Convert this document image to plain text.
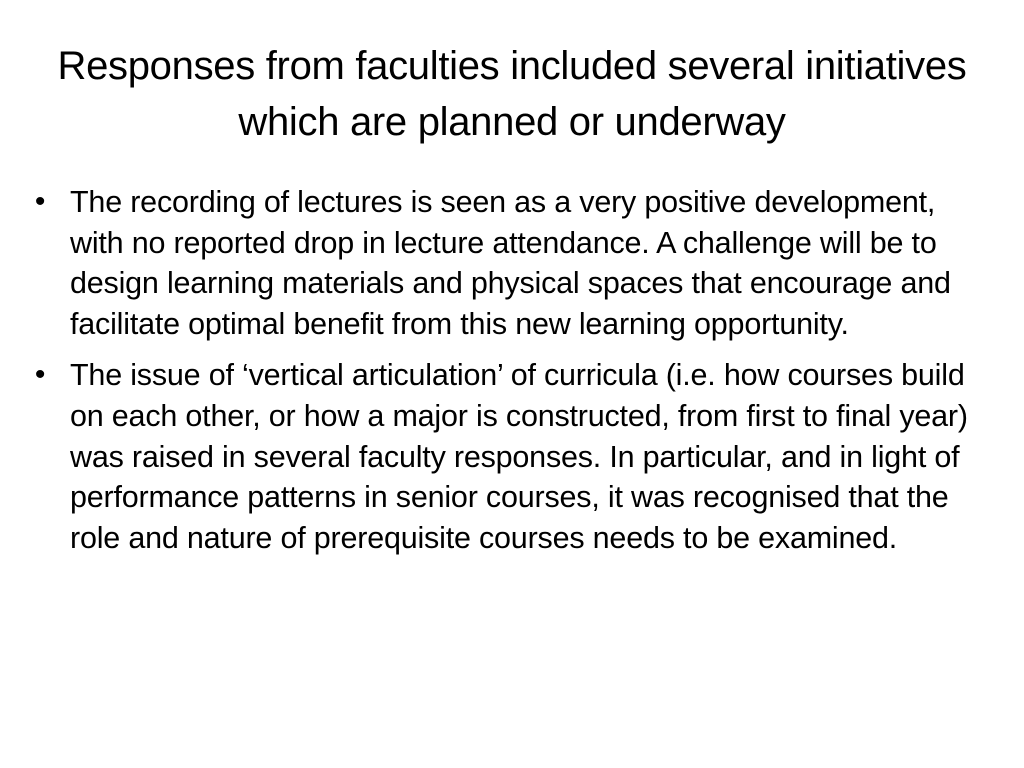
Responses from faculties included several initiatives which are planned or underway
• The recording of lectures is seen as a very positive development, with no reported drop in lecture attendance. A challenge will be to design learning materials and physical spaces that encourage and facilitate optimal benefit from this new learning opportunity.
• The issue of ‘vertical articulation’ of curricula (i.e. how courses build on each other, or how a major is constructed, from first to final year) was raised in several faculty responses. In particular, and in light of performance patterns in senior courses, it was recognised that the role and nature of prerequisite courses needs to be examined.
